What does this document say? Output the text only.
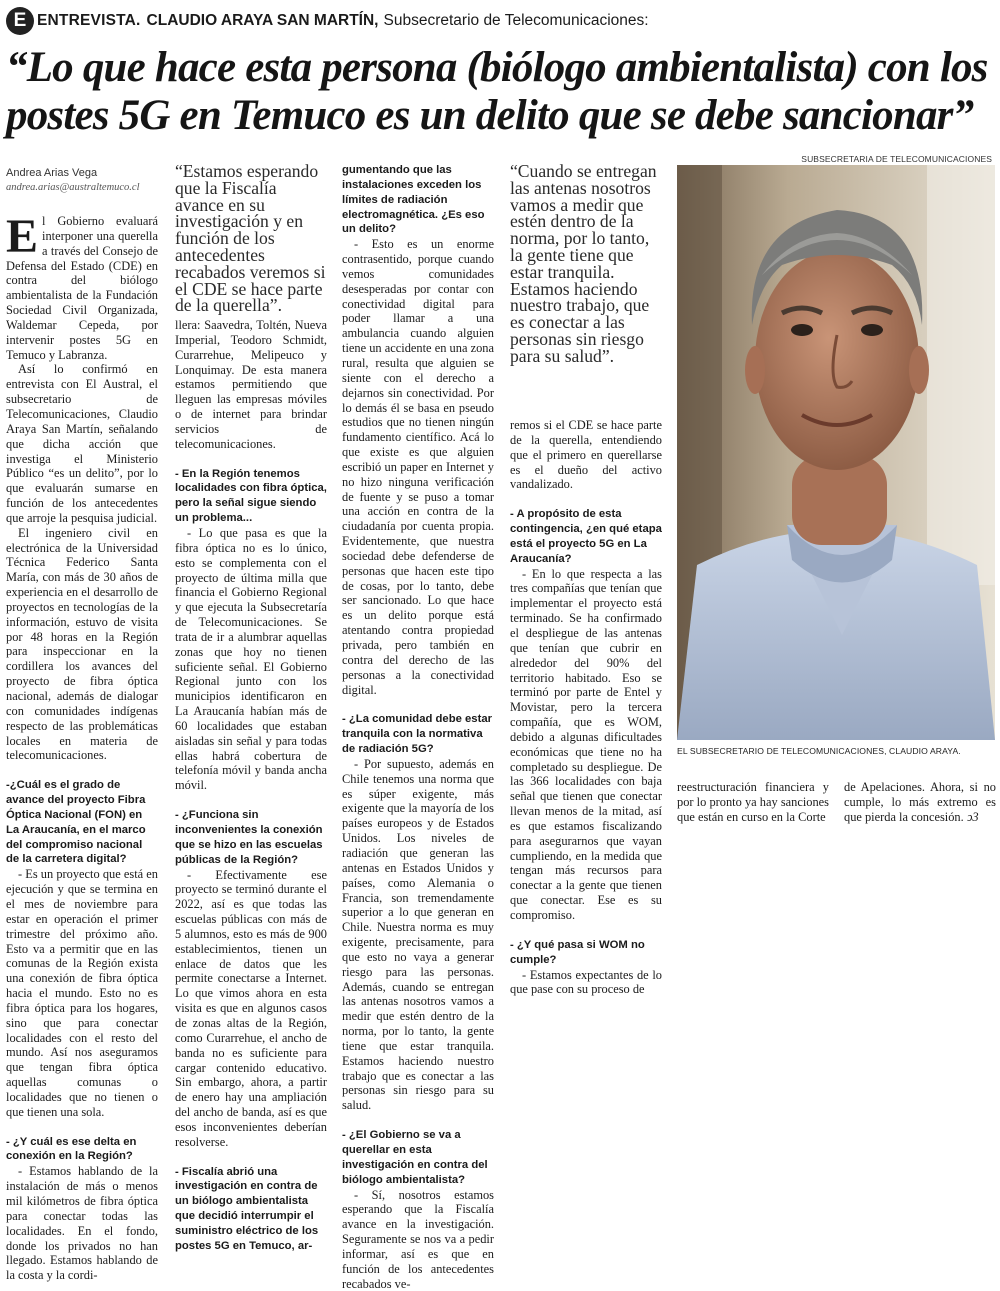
E ENTREVISTA. CLAUDIO ARAYA SAN MARTÍN, Subsecretario de Telecomunicaciones:
“Lo que hace esta persona (biólogo ambientalista) con los postes 5G en Temuco es un delito que se debe sancionar”
SUBSECRETARIA DE TELECOMUNICACIONES
Andrea Arias Vega
andrea.arias@australtemuco.cl

El Gobierno evaluará interponer una querella a través del Consejo de Defensa del Estado (CDE) en contra del biólogo ambientalista de la Fundación Sociedad Civil Organizada, Waldemar Cepeda, por intervenir postes 5G en Temuco y Labranza.

Así lo confirmó en entrevista con El Austral, el subsecretario de Telecomunicaciones, Claudio Araya San Martín, señalando que dicha acción que investiga el Ministerio Público “es un delito”, por lo que evaluarán sumarse en función de los antecedentes que arroje la pesquisa judicial.

El ingeniero civil en electrónica de la Universidad Técnica Federico Santa María, con más de 30 años de experiencia en el desarrollo de proyectos en tecnologías de la información, estuvo de visita por 48 horas en la Región para inspeccionar en la cordillera los avances del proyecto de fibra óptica nacional, además de dialogar con comunidades indígenas respecto de las problemáticas locales en materia de telecomunicaciones.

-¿Cuál es el grado de avance del proyecto Fibra Óptica Nacional (FON) en La Araucanía, en el marco del compromiso nacional de la carretera digital?

- Es un proyecto que está en ejecución y que se termina en el mes de noviembre para estar en operación el primer trimestre del próximo año. Esto va a permitir que en las comunas de la Región exista una conexión de fibra óptica hacia el mundo. Esto no es fibra óptica para los hogares, sino que para conectar localidades con el resto del mundo. Así nos aseguramos que tengan fibra óptica aquellas comunas o localidades que no tienen o que tienen una sola.

- ¿Y cuál es ese delta en conexión en la Región?

- Estamos hablando de la instalación de más o menos mil kilómetros de fibra óptica para conectar todas las localidades. En el fondo, donde los privados no han llegado. Estamos hablando de la costa y la cordi-

“Estamos esperando que la Fiscalía avance en su investigación y en función de los antecedentes recabados veremos si el CDE se hace parte de la querella”.

llera: Saavedra, Toltén, Nueva Imperial, Teodoro Schmidt, Curarrehue, Melipeuco y Lonquimay. De esta manera estamos permitiendo que lleguen las empresas móviles o de internet para brindar servicios de telecomunicaciones.

- En la Región tenemos localidades con fibra óptica, pero la señal sigue siendo un problema...

- Lo que pasa es que la fibra óptica no es lo único, esto se complementa con el proyecto de última milla que financia el Gobierno Regional y que ejecuta la Subsecretaría de Telecomunicaciones. Se trata de ir a alumbrar aquellas zonas que hoy no tienen suficiente señal. El Gobierno Regional junto con los municipios identificaron en La Araucanía habían más de 60 localidades que estaban aisladas sin señal y para todas ellas habrá cobertura de telefonía móvil y banda ancha móvil.

- ¿Funciona sin inconvenientes la conexión que se hizo en las escuelas públicas de la Región?

- Efectivamente ese proyecto se terminó durante el 2022, así es que todas las escuelas públicas con más de 5 alumnos, esto es más de 900 establecimientos, tienen un enlace de datos que les permite conectarse a Internet. Lo que vimos ahora en esta visita es que en algunos casos de zonas altas de la Región, como Curarrehue, el ancho de banda no es suficiente para cargar contenido educativo. Sin embargo, ahora, a partir de enero hay una ampliación del ancho de banda, así es que esos inconvenientes deberían resolverse.

- Fiscalía abrió una investigación en contra de un biólogo ambientalista que decidió interrumpir el suministro eléctrico de los postes 5G en Temuco, ar-

gumentando que las instalaciones exceden los límites de radiación electromagnética. ¿Es eso un delito?

- Esto es un enorme contrasentido, porque cuando vemos comunidades desesperadas por contar con conectividad digital para poder llamar a una ambulancia cuando alguien tiene un accidente en una zona rural, resulta que alguien se siente con el derecho a dejarnos sin conectividad. Por lo demás él se basa en pseudo estudios que no tienen ningún fundamento científico. Acá lo que existe es que alguien escribió un paper en Internet y no hizo ninguna verificación de fuente y se puso a tomar una acción en contra de la ciudadanía por cuenta propia. Evidentemente, que nuestra sociedad debe defenderse de personas que hacen este tipo de cosas, por lo tanto, debe ser sancionado. Lo que hace es un delito porque está atentando contra propiedad privada, pero también en contra del derecho de las personas a la conectividad digital.

- ¿La comunidad debe estar tranquila con la normativa de radiación 5G?

- Por supuesto, además en Chile tenemos una norma que es súper exigente, más exigente que la mayoría de los países europeos y de Estados Unidos. Los niveles de radiación que generan las antenas en Estados Unidos y países, como Alemania o Francia, son tremendamente superior a lo que generan en Chile. Nuestra norma es muy exigente, precisamente, para que esto no vaya a generar riesgo para las personas. Además, cuando se entregan las antenas nosotros vamos a medir que estén dentro de la norma, por lo tanto, la gente tiene que estar tranquila. Estamos haciendo nuestro trabajo que es conectar a las personas sin riesgo para su salud.

- ¿El Gobierno se va a querellar en esta investigación en contra del biólogo ambientalista?

- Sí, nosotros estamos esperando que la Fiscalía avance en la investigación. Seguramente se nos va a pedir informar, así es que en función de los antecedentes recabados ve-

“Cuando se entregan las antenas nosotros vamos a medir que estén dentro de la norma, por lo tanto, la gente tiene que estar tranquila. Estamos haciendo nuestro trabajo, que es conectar a las personas sin riesgo para su salud”.

remos si el CDE se hace parte de la querella, entendiendo que el primero en querellarse es el dueño del activo vandalizado.

- A propósito de esta contingencia, ¿en qué etapa está el proyecto 5G en La Araucanía?

- En lo que respecta a las tres compañías que tenían que implementar el proyecto está terminado. Se ha confirmado el despliegue de las antenas que tenían que cubrir en alrededor del 90% del territorio habitado. Eso se terminó por parte de Entel y Movistar, pero la tercera compañía, que es WOM, debido a algunas dificultades económicas que tiene no ha completado su despliegue. De las 366 localidades con baja señal que tienen que conectar llevan menos de la mitad, así es que estamos fiscalizando para asegurarnos que vayan cumpliendo, en la medida que tengan más recursos para conectar a la gente que tienen que conectar. Ese es su compromiso.

- ¿Y qué pasa si WOM no cumple?

- Estamos expectantes de lo que pase con su proceso de

EL SUBSECRETARIO DE TELECOMUNICACIONES, CLAUDIO ARAYA.

reestructuración financiera y por lo pronto ya hay sanciones que están en curso en la Corte

de Apelaciones. Ahora, si no cumple, lo más extremo es que pierda la concesión. ↄ3
